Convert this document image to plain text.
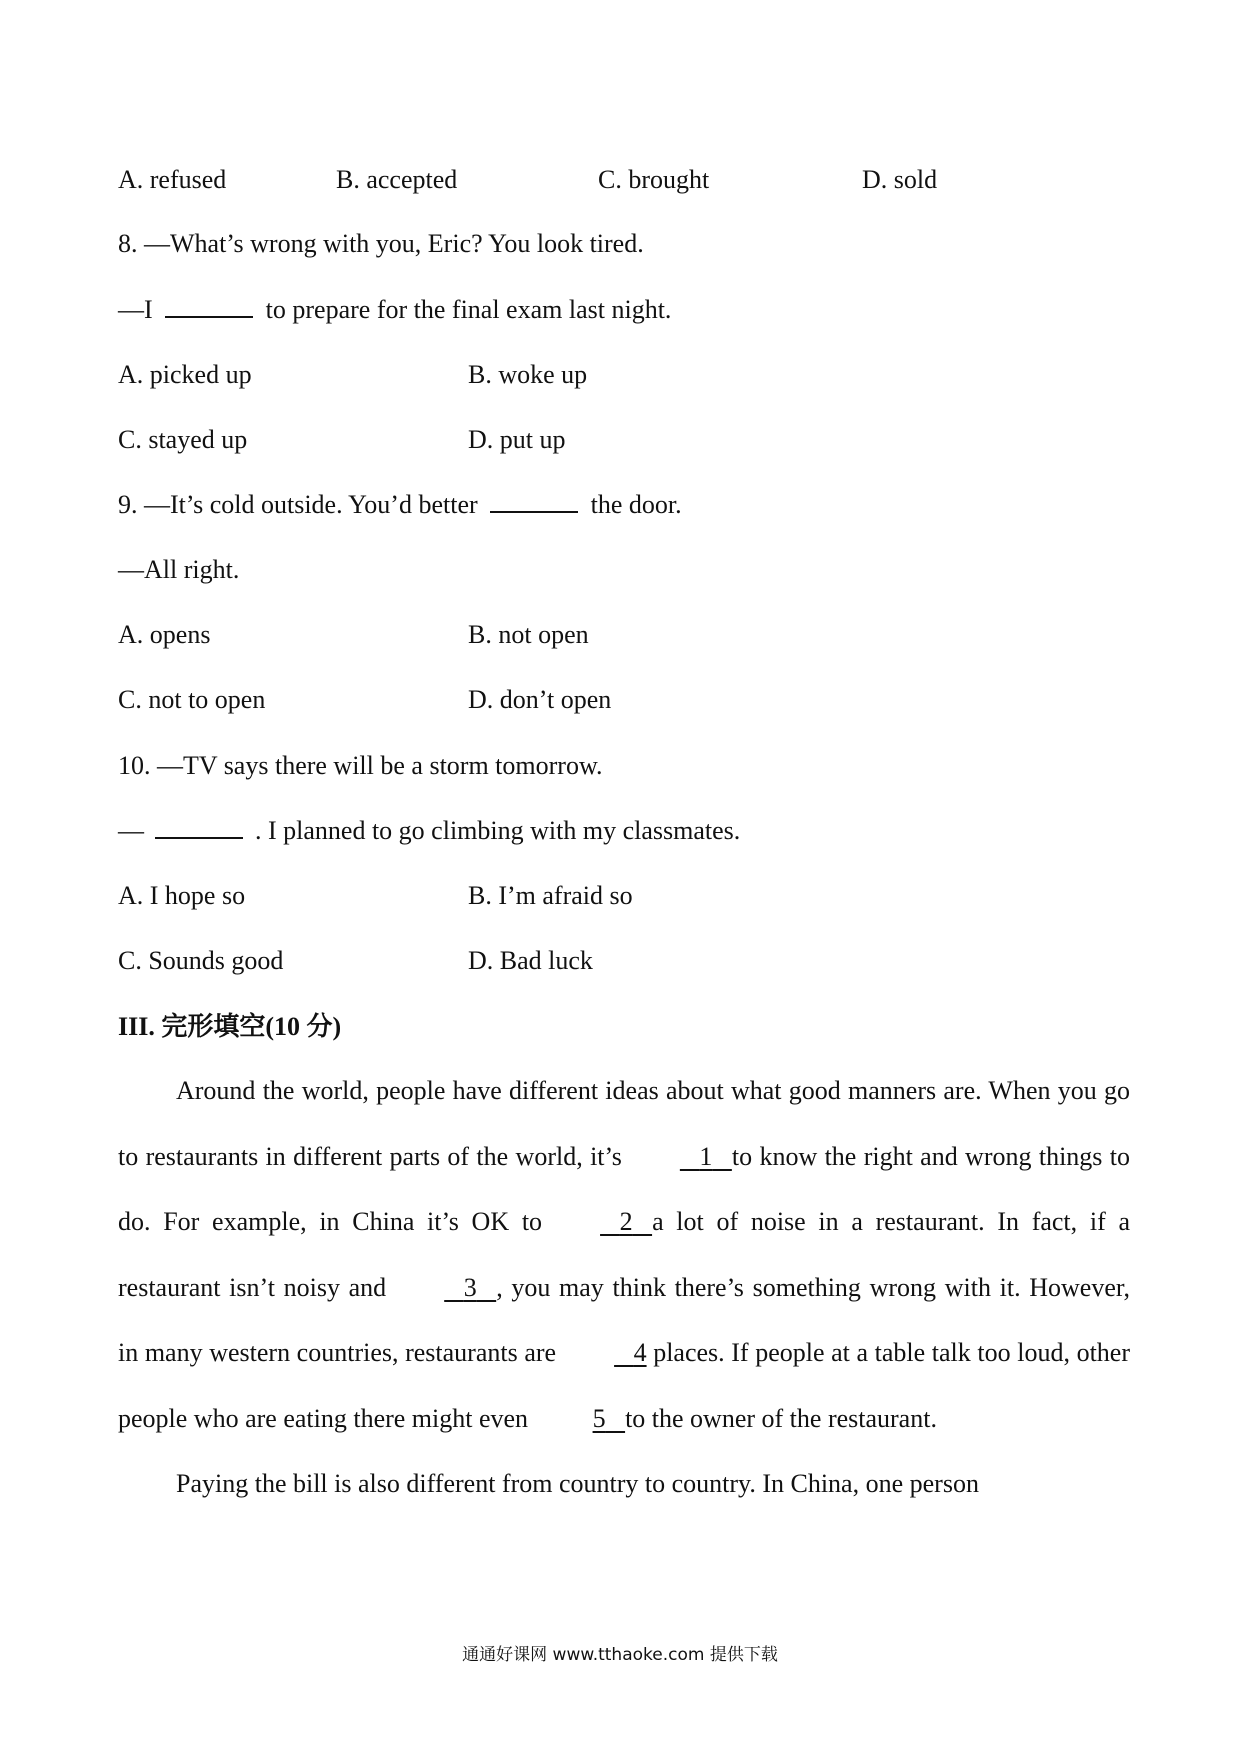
A. refused	B. accepted	C. brought	D. sold
8. —What’s wrong with you, Eric? You look tired.
—I	to prepare for the final exam last night.
A. picked up	B. woke up
C. stayed up	D. put up
9. —It’s cold outside. You’d better	the door.
—All right.
A. opens	B. not open
C. not to open	D. don’t open
10. —TV says there will be a storm tomorrow.
—	. I planned to go climbing with my classmates.
A. I hope so	B. I’m afraid so
C. Sounds good	D. Bad luck
III. 完形填空(10 分)
Around the world, people have different ideas about what good manners are. When you go to restaurants in different parts of the world, it’s	1 to know the right and wrong things to do. For example, in China it’s OK to	2 a lot of noise in a restaurant. In fact, if a restaurant isn’t noisy and	3 , you may think there’s something wrong with it. However, in many western countries, restaurants are	4 places. If people at a table talk too loud, other people who are eating there might even 5 to the owner of the restaurant.
Paying the bill is also different from country to country. In China, one person
通通好课网 www.tthaoke.com 提供下载
